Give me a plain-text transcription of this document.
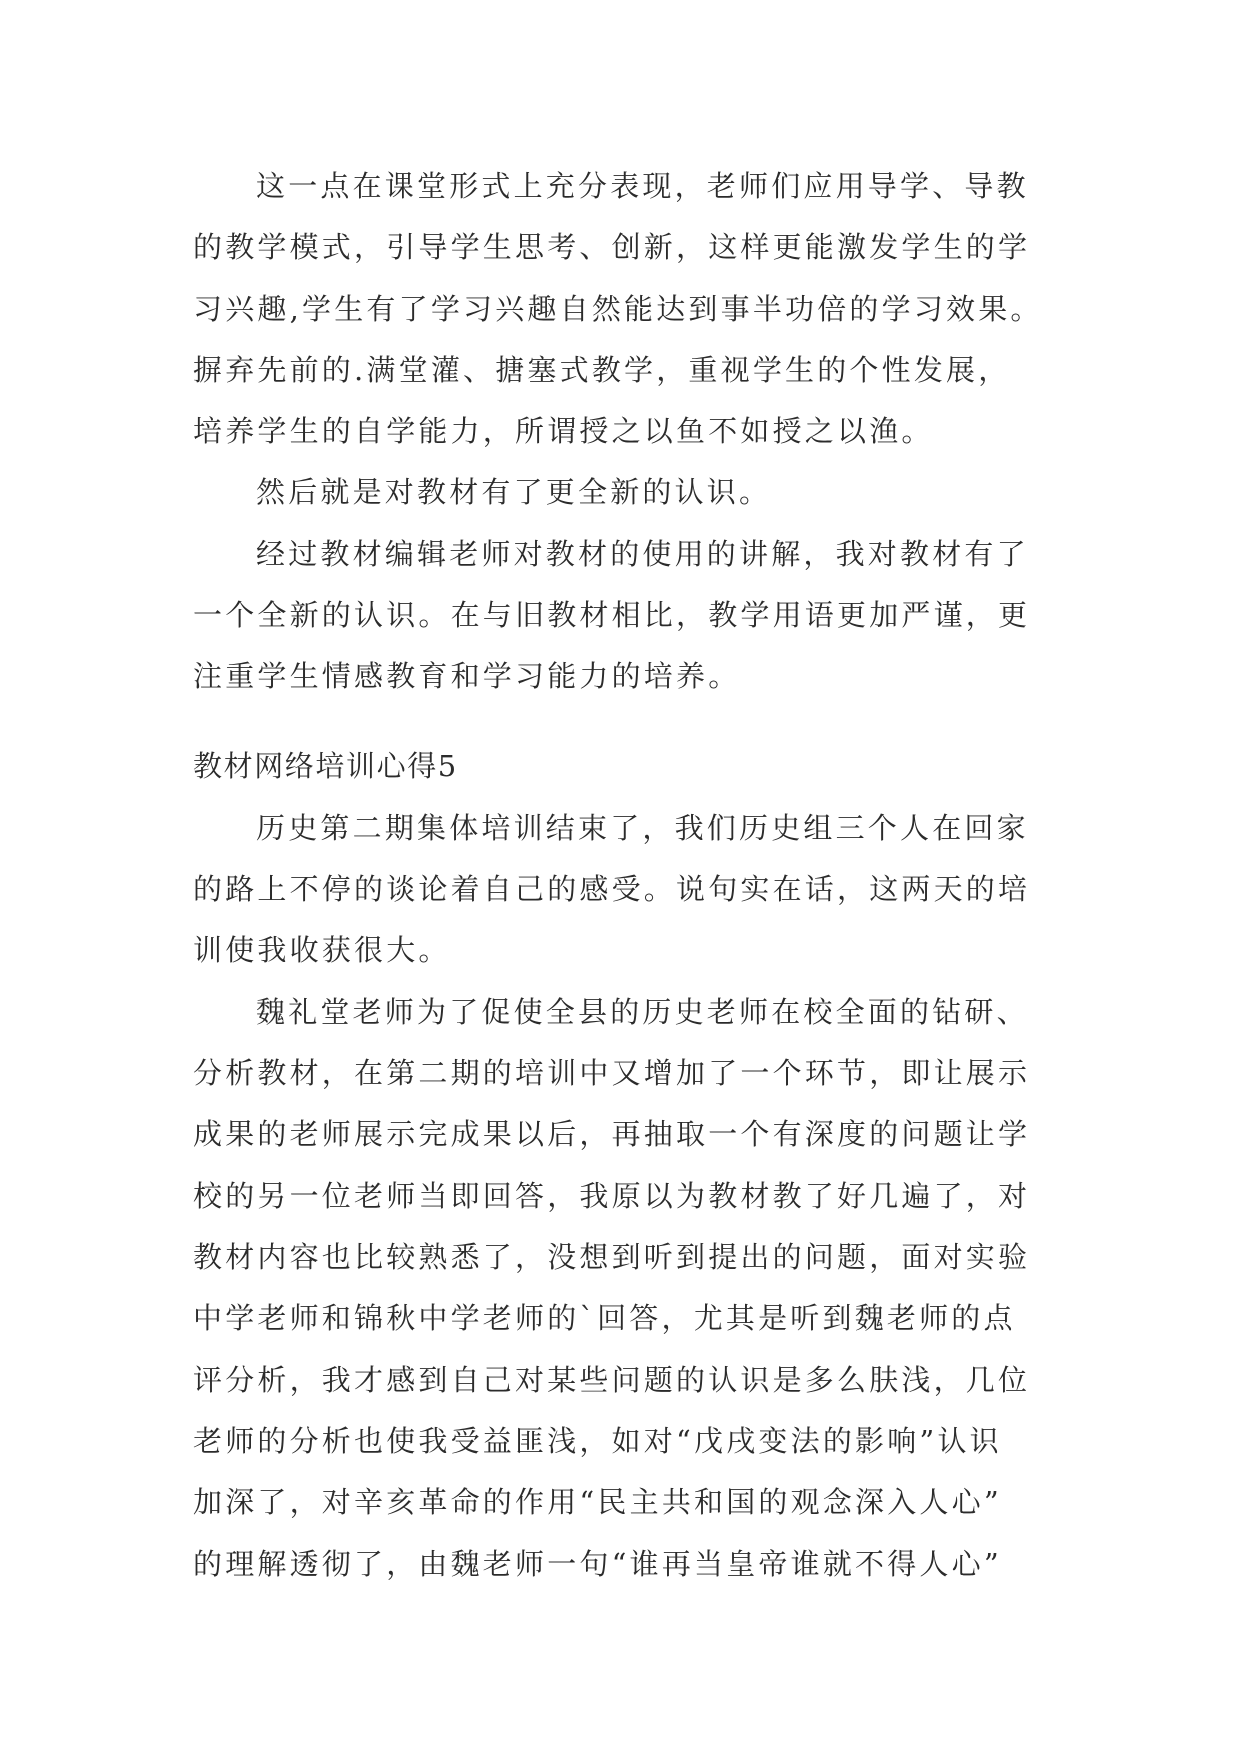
这一点在课堂形式上充分表现，老师们应用导学、导教

的教学模式，引导学生思考、创新，这样更能激发学生的学

习兴趣,学生有了学习兴趣自然能达到事半功倍的学习效果。

摒弃先前的.满堂灌、搪塞式教学，重视学生的个性发展，

培养学生的自学能力，所谓授之以鱼不如授之以渔。

然后就是对教材有了更全新的认识。

经过教材编辑老师对教材的使用的讲解，我对教材有了

一个全新的认识。在与旧教材相比，教学用语更加严谨，更

注重学生情感教育和学习能力的培养。

教材网络培训心得5

历史第二期集体培训结束了，我们历史组三个人在回家

的路上不停的谈论着自己的感受。说句实在话，这两天的培

训使我收获很大。

魏礼堂老师为了促使全县的历史老师在校全面的钻研、

分析教材，在第二期的培训中又增加了一个环节，即让展示

成果的老师展示完成果以后，再抽取一个有深度的问题让学

校的另一位老师当即回答，我原以为教材教了好几遍了，对

教材内容也比较熟悉了，没想到听到提出的问题，面对实验

中学老师和锦秋中学老师的`回答，尤其是听到魏老师的点

评分析，我才感到自己对某些问题的认识是多么肤浅，几位

老师的分析也使我受益匪浅，如对“戊戌变法的影响”认识

加深了，对辛亥革命的作用“民主共和国的观念深入人心”

的理解透彻了，由魏老师一句“谁再当皇帝谁就不得人心”
